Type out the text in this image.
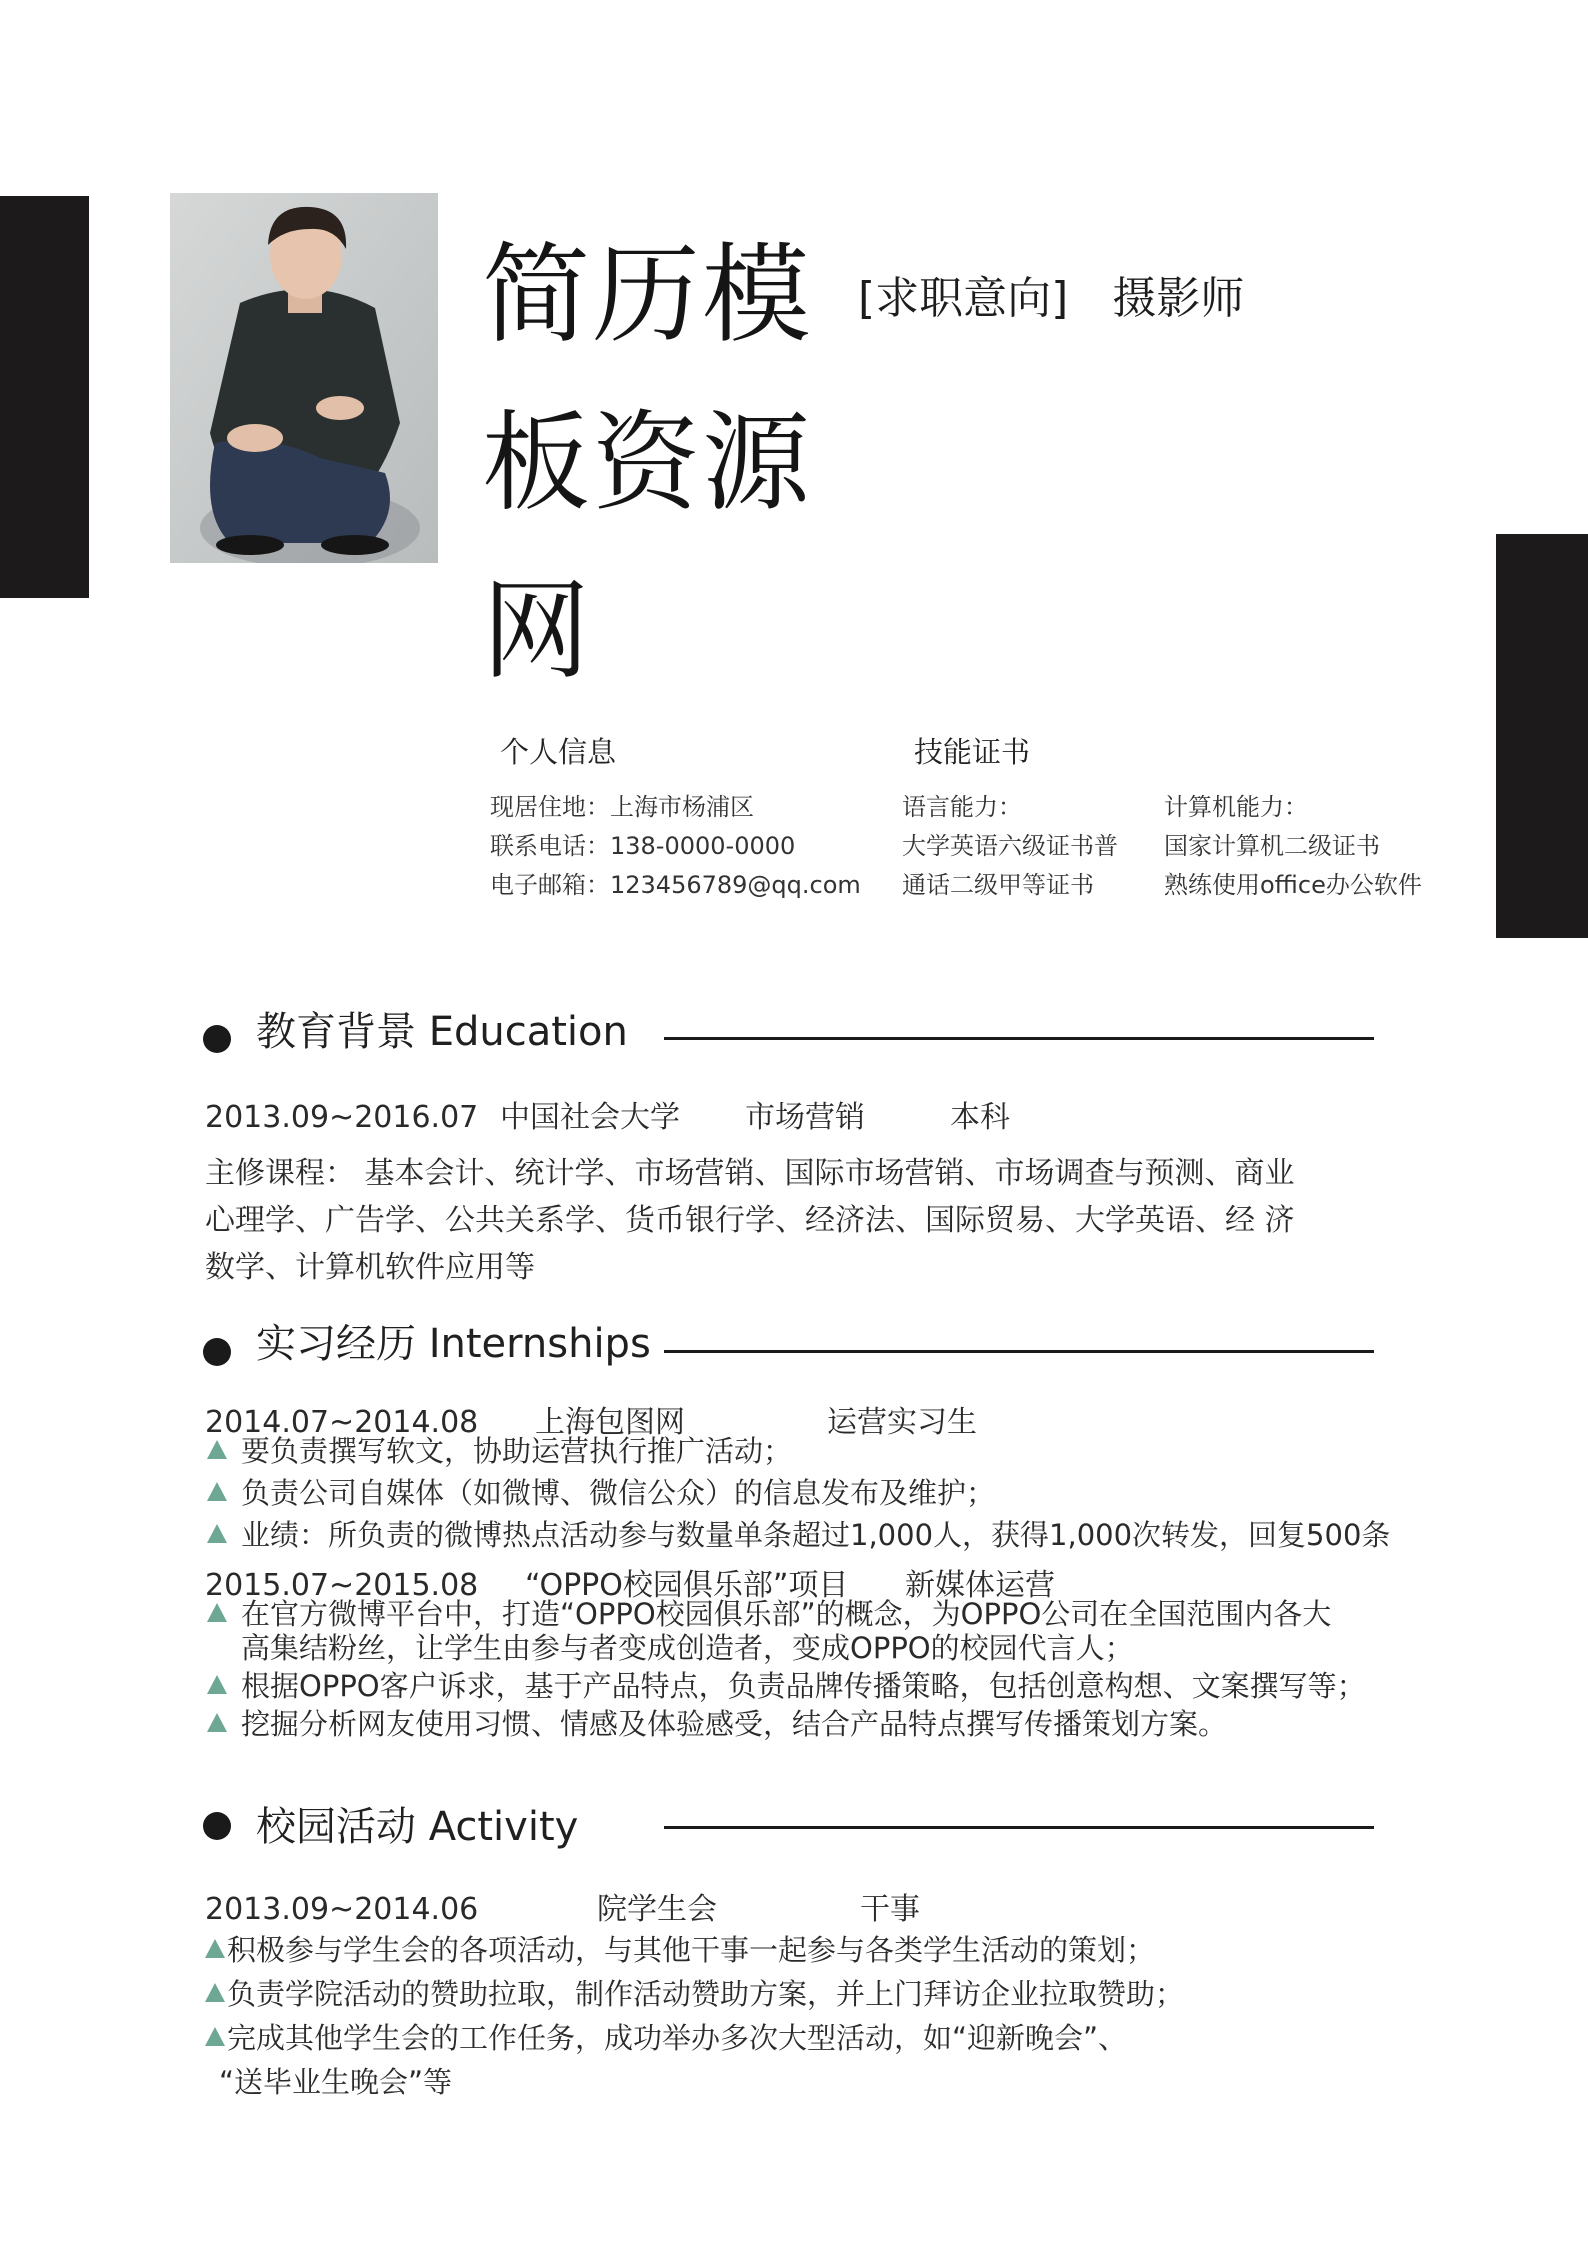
简历模板资源网
[求职意向] 摄影师
个人信息
现居住地：上海市杨浦区
联系电话：138-0000-0000
电子邮箱：123456789@qq.com
技能证书
语言能力：
大学英语六级证书普
通话二级甲等证书
计算机能力：
国家计算机二级证书
熟练使用office办公软件
教育背景 Education
2013.09~2016.07 中国社会大学 市场营销	本科
主修课程： 基本会计、统计学、市场营销、国际市场营销、市场调查与预测、商业
心理学、广告学、公共关系学、货币银行学、经济法、国际贸易、大学英语、经 济
数学、计算机软件应用等
实习经历 Internships
2014.07~2014.08 上海包图网	运营实习生
要负责撰写软文，协助运营执行推广活动；
负责公司自媒体（如微博、微信公众）的信息发布及维护；
业绩：所负责的微博热点活动参与数量单条超过1,000人，获得1,000次转发，回复500条
2015.07~2015.08 “OPPO校园俱乐部”项目 新媒体运营
在官方微博平台中，打造“OPPO校园俱乐部”的概念，为OPPO公司在全国范围内各大
高集结粉丝，让学生由参与者变成创造者，变成OPPO的校园代言人；
根据OPPO客户诉求，基于产品特点，负责品牌传播策略，包括创意构想、文案撰写等；
挖掘分析网友使用习惯、情感及体验感受，结合产品特点撰写传播策划方案。
校园活动 Activity
2013.09~2014.06	院学生会	干事
积极参与学生会的各项活动，与其他干事一起参与各类学生活动的策划；
负责学院活动的赞助拉取，制作活动赞助方案，并上门拜访企业拉取赞助；
完成其他学生会的工作任务，成功举办多次大型活动，如“迎新晚会”、
“送毕业生晚会”等
